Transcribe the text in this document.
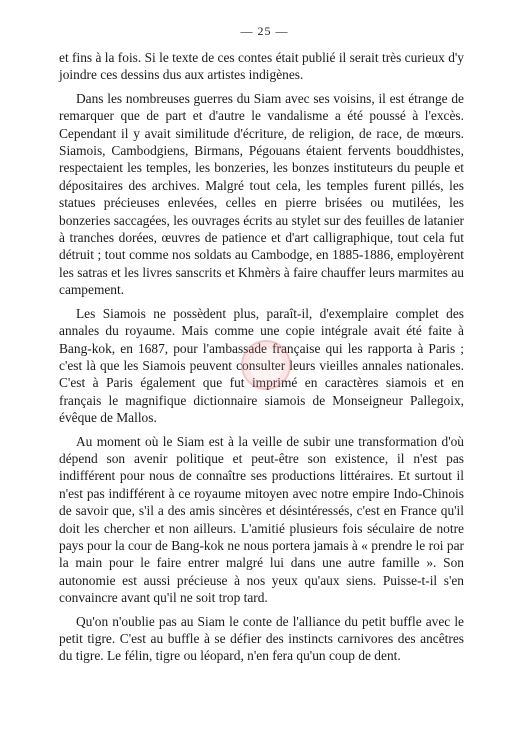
— 25 —

et fins à la fois. Si le texte de ces contes était publié il serait très curieux d'y joindre ces dessins dus aux artistes indigènes.

Dans les nombreuses guerres du Siam avec ses voisins, il est étrange de remarquer que de part et d'autre le vandalisme a été poussé à l'excès. Cependant il y avait similitude d'écriture, de religion, de race, de mœurs. Siamois, Cambodgiens, Birmans, Pégouans étaient fervents bouddhistes, respectaient les temples, les bonzeries, les bonzes instituteurs du peuple et dépositaires des archives. Malgré tout cela, les temples furent pillés, les statues précieuses enlevées, celles en pierre brisées ou mutilées, les bonzeries saccagées, les ouvrages écrits au stylet sur des feuilles de latanier à tranches dorées, œuvres de patience et d'art calligraphique, tout cela fut détruit ; tout comme nos soldats au Cambodge, en 1885-1886, employèrent les satras et les livres sanscrits et Khmèrs à faire chauffer leurs marmites au campement.

Les Siamois ne possèdent plus, paraît-il, d'exemplaire complet des annales du royaume. Mais comme une copie intégrale avait été faite à Bang-kok, en 1687, pour l'ambassade française qui les rapporta à Paris ; c'est là que les Siamois peuvent consulter leurs vieilles annales nationales. C'est à Paris également que fut imprimé en caractères siamois et en français le magnifique dictionnaire siamois de Monseigneur Pallegoix, évêque de Mallos.

Au moment où le Siam est à la veille de subir une transformation d'où dépend son avenir politique et peut-être son existence, il n'est pas indifférent pour nous de connaître ses productions littéraires. Et surtout il n'est pas indifférent à ce royaume mitoyen avec notre empire Indo-Chinois de savoir que, s'il a des amis sincères et désintéressés, c'est en France qu'il doit les chercher et non ailleurs. L'amitié plusieurs fois séculaire de notre pays pour la cour de Bang-kok ne nous portera jamais à « prendre le roi par la main pour le faire entrer malgré lui dans une autre famille ». Son autonomie est aussi précieuse à nos yeux qu'aux siens. Puisse-t-il s'en convaincre avant qu'il ne soit trop tard.

Qu'on n'oublie pas au Siam le conte de l'alliance du petit buffle avec le petit tigre. C'est au buffle à se défier des instincts carnivores des ancêtres du tigre. Le félin, tigre ou léopard, n'en fera qu'un coup de dent.
